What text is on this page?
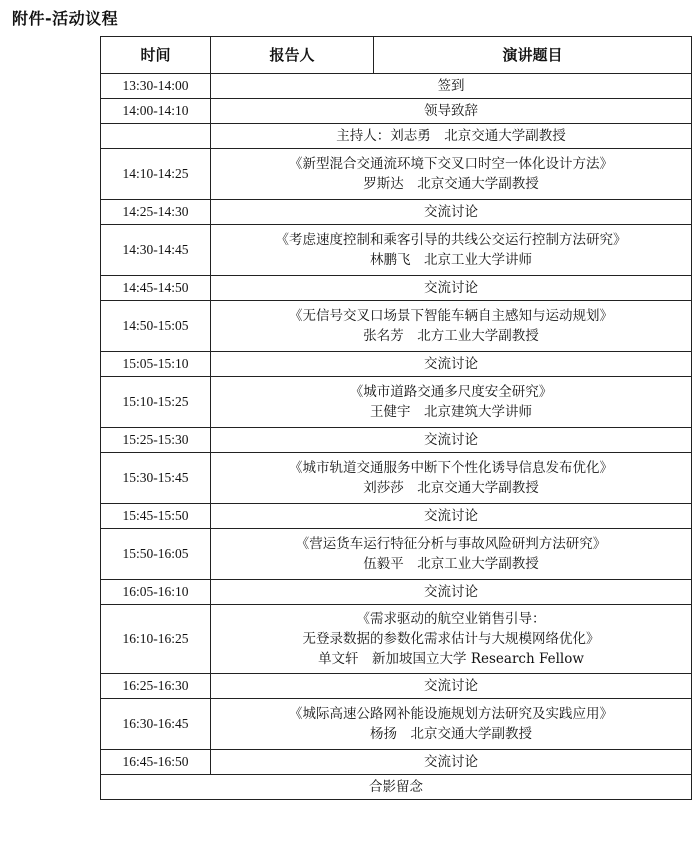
附件-活动议程
时间	报告人	演讲题目
13:30-14:00	签到	
14:00-14:10	领导致辞	
	主持人：刘志勇　北京交通大学副教授	
14:10-14:25	《新型混合交通流环境下交叉口时空一体化设计方法》
罗斯达　北京交通大学副教授	

14:25-14:30	交流讨论	
14:30-14:45	《考虑速度控制和乘客引导的共线公交运行控制方法研究》
林鹏飞　北京工业大学讲师	

14:45-14:50	交流讨论	
14:50-15:05	《无信号交叉口场景下智能车辆自主感知与运动规划》
张名芳　北方工业大学副教授	

15:05-15:10	交流讨论	
15:10-15:25	《城市道路交通多尺度安全研究》
王健宇　北京建筑大学讲师	

15:25-15:30	交流讨论	
15:30-15:45	《城市轨道交通服务中断下个性化诱导信息发布优化》
刘莎莎　北京交通大学副教授	

15:45-15:50	交流讨论	
15:50-16:05	《营运货车运行特征分析与事故风险研判方法研究》
伍毅平　北京工业大学副教授	

16:05-16:10	交流讨论	
16:10-16:25	《需求驱动的航空业销售引导：
无登录数据的参数化需求估计与大规模网络优化》
单文轩　新加坡国立大学 Research Fellow	

16:25-16:30	交流讨论	
16:30-16:45	《城际高速公路网补能设施规划方法研究及实践应用》
杨扬　北京交通大学副教授	

16:45-16:50	交流讨论	
合影留念		
